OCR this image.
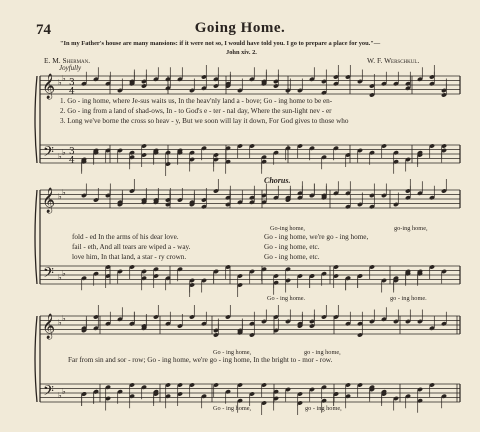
74	Going Home.
"In my Father's house are many mansions: if it were not so, I would have told you. I go to prepare a place for you."—
John xiv. 2.
E. M. Sherman.	W. F. Werschkul.
Joyfully
Chorus.
1. Go - ing home, where Je-sus waits us, In the heav'nly land a - bove; Go - ing home to be en-
2. Go - ing from a land of shad-ows, In - to God's e - ter - nal day, Where the sun-light nev - er
3. Long we've borne the cross so heav - y, But we soon will lay it down, For God gives to those who
fold - ed In the arms of his dear love.
fail - eth, And all tears are wiped a - way.
love him, In that land, a star - ry crown.
Go - ing home, we're go - ing home,
Go - ing home, etc.
Go - ing home, etc.
Go-ing home,	go-ing home,
Go - ing home.	go - ing home.
Go - ing home,	go - ing home,
Far from sin and sor - row; Go - ing home, we're go - ing home, In the bright to - mor - row.
Go - ing home,	go - ing home,
𝄞
𝄢
♭ ♭
♭ ♭
3
4
3
4
𝄞
𝄢
♭ ♭
♭ ♭
𝄞
𝄢
♭ ♭
♭ ♭
